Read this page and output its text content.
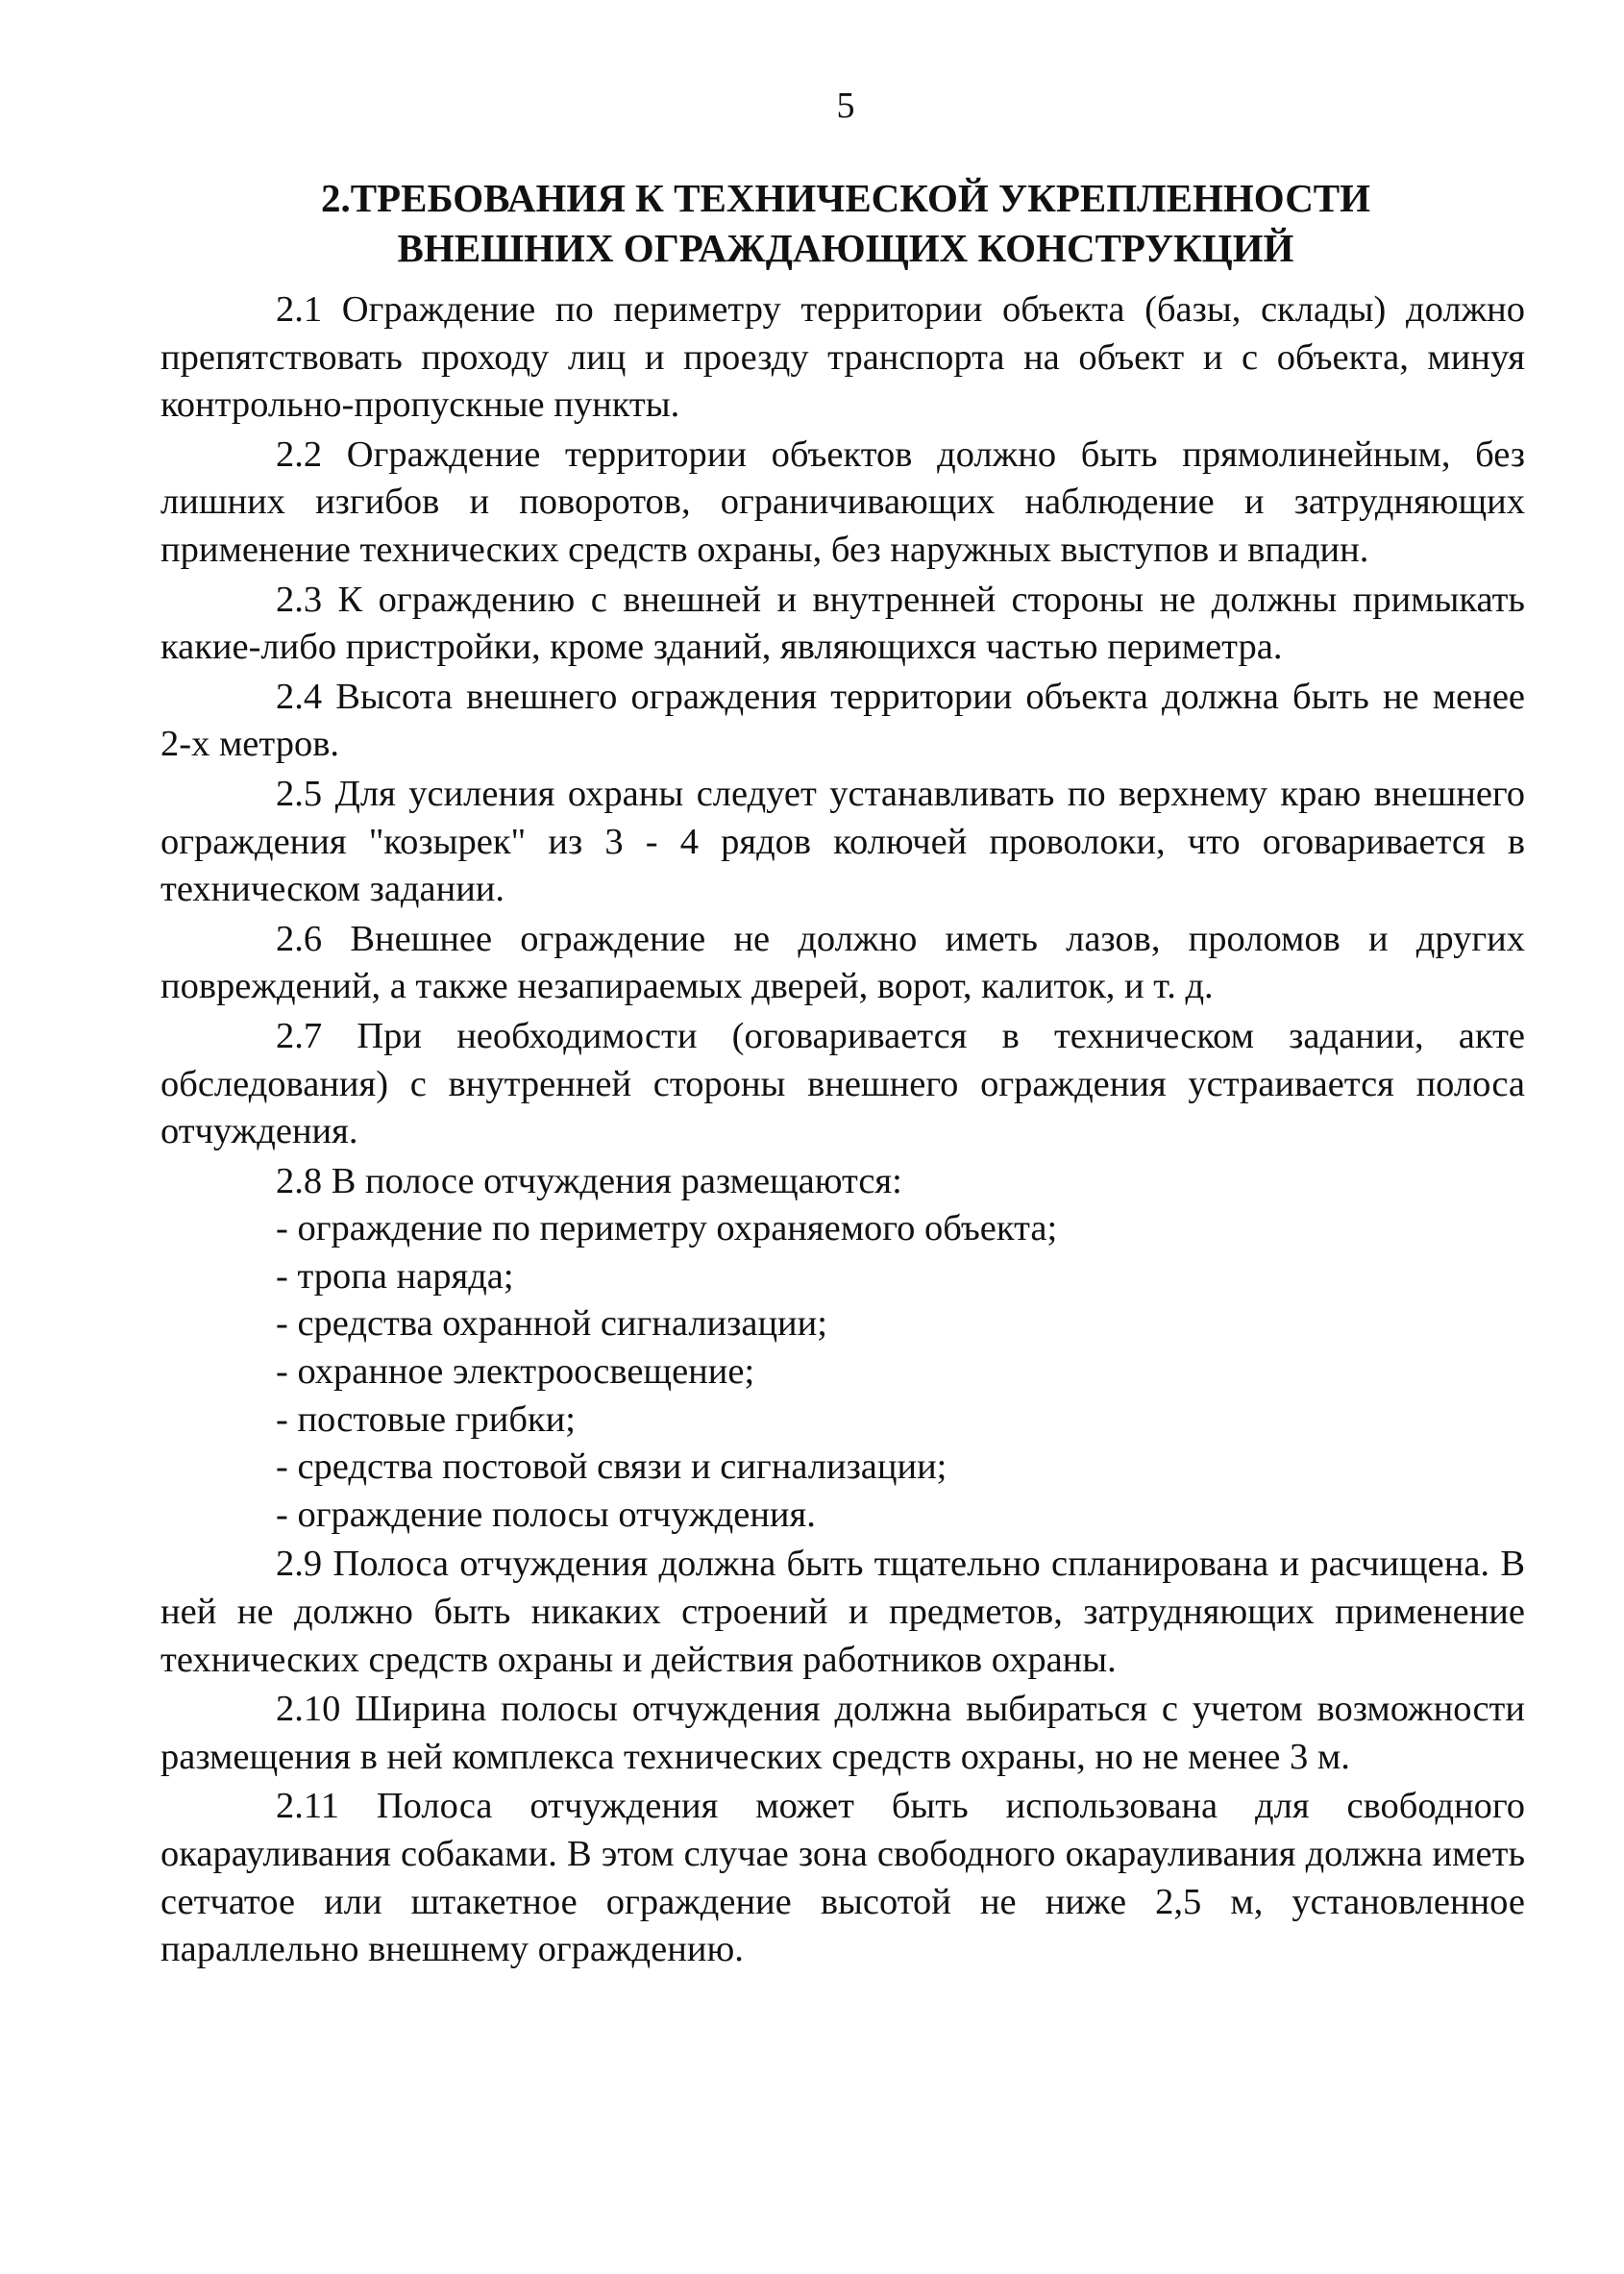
5
2.ТРЕБОВАНИЯ К ТЕХНИЧЕСКОЙ УКРЕПЛЕННОСТИ
ВНЕШНИХ ОГРАЖДАЮЩИХ КОНСТРУКЦИЙ

2.1 Ограждение по периметру территории объекта (базы, склады) должно препятствовать проходу лиц и проезду транспорта на объект и с объекта, минуя контрольно-пропускные пункты.

2.2 Ограждение территории объектов должно быть прямолинейным, без лишних изгибов и поворотов, ограничивающих наблюдение и затрудняющих применение технических средств охраны, без наружных выступов и впадин.

2.3 К ограждению с внешней и внутренней стороны не должны примыкать какие-либо пристройки, кроме зданий, являющихся частью периметра.

2.4 Высота внешнего ограждения территории объекта должна быть не менее 2-х метров.

2.5 Для усиления охраны следует устанавливать по верхнему краю внешнего ограждения "козырек" из 3 - 4 рядов колючей проволоки, что оговаривается в техническом задании.

2.6 Внешнее ограждение не должно иметь лазов, проломов и других повреждений, а также незапираемых дверей, ворот, калиток, и т. д.

2.7 При необходимости (оговаривается в техническом задании, акте обследования) с внутренней стороны внешнего ограждения устраивается полоса отчуждения.

2.8 В полосе отчуждения размещаются:

- ограждение по периметру охраняемого объекта;
- тропа наряда;
- средства охранной сигнализации;
- охранное электроосвещение;
- постовые грибки;
- средства постовой связи и сигнализации;
- ограждение полосы отчуждения.

2.9 Полоса отчуждения должна быть тщательно спланирована и расчищена. В ней не должно быть никаких строений и предметов, затрудняющих применение технических средств охраны и действия работников охраны.

2.10 Ширина полосы отчуждения должна выбираться с учетом возможности размещения в ней комплекса технических средств охраны, но не менее 3 м.

2.11 Полоса отчуждения может быть использована для свободного окарауливания собаками. В этом случае зона свободного окарауливания должна иметь сетчатое или штакетное ограждение высотой не ниже 2,5 м, установленное параллельно внешнему ограждению.
